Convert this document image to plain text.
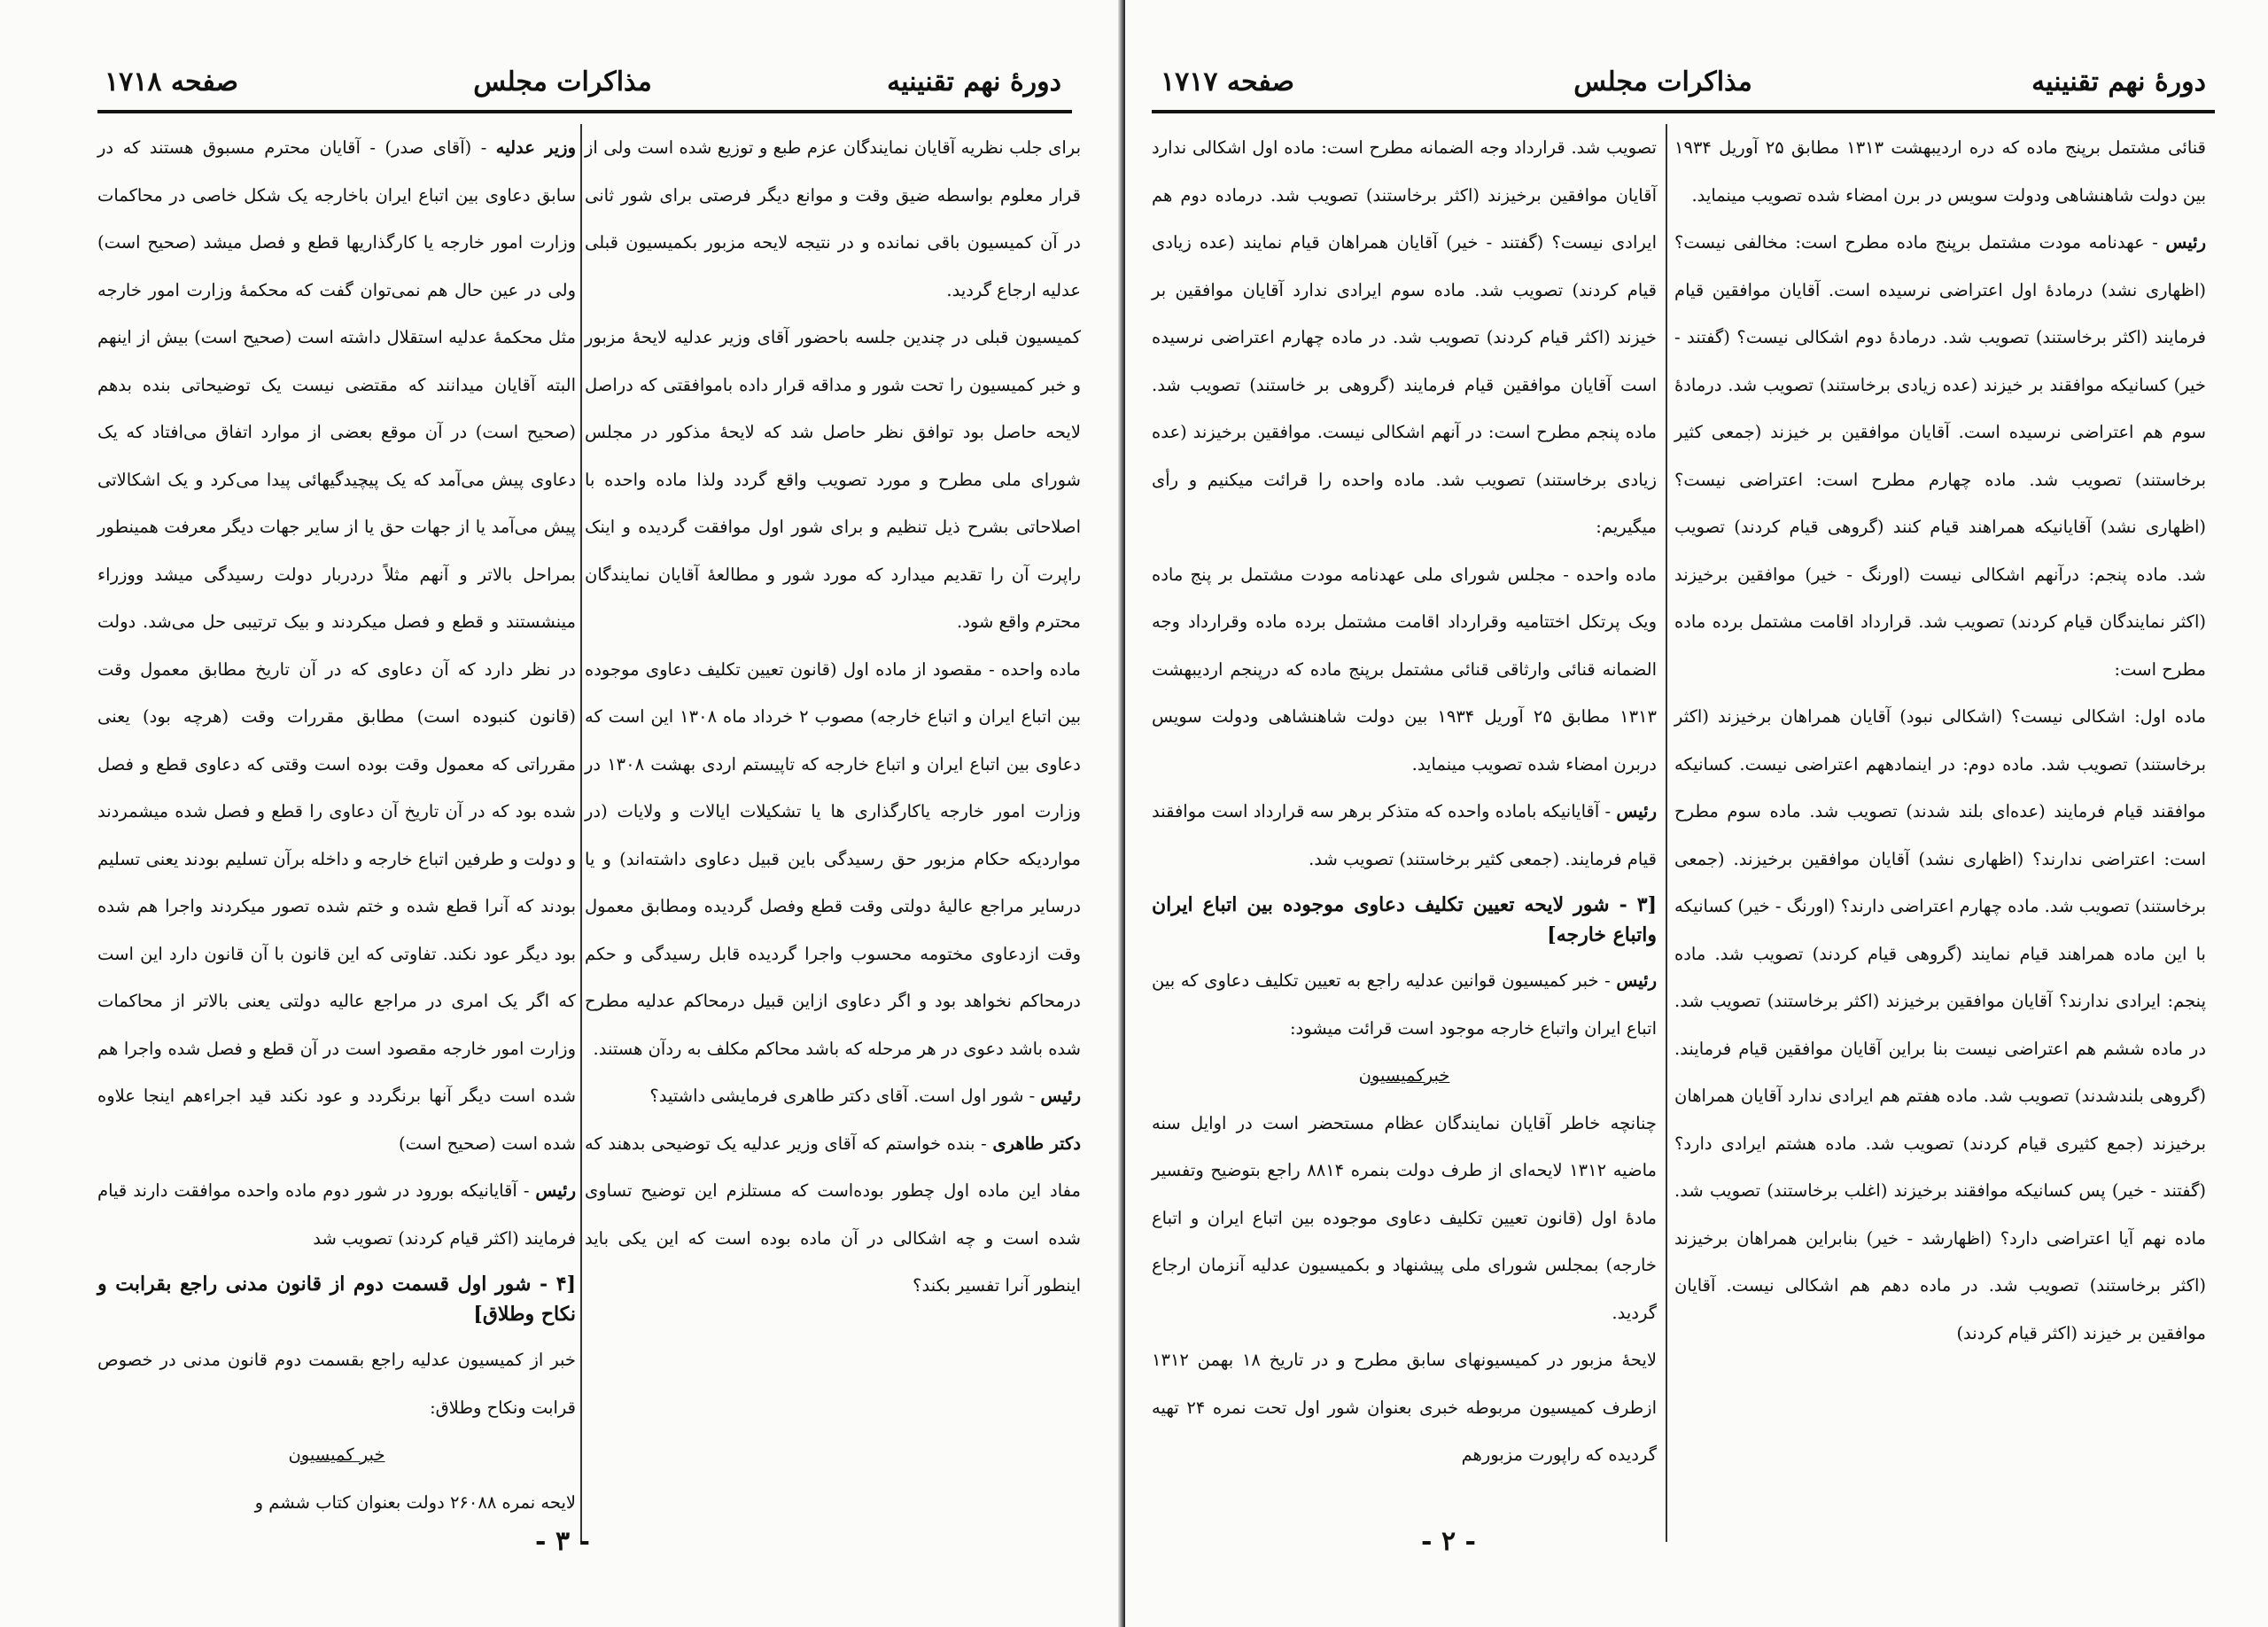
دورهٔ نهم تقنینیه
مذاکرات مجلس
صفحه ۱۷۱۸

برای جلب نظریه آقایان نمایندگان عزم طبع و توزیع شده است ولی از قرار معلوم بواسطه ضیق وقت و موانع دیگر فرصتی برای شور ثانی در آن کمیسیون باقی نمانده و در نتیجه لایحه مزبور بکمیسیون قبلی عدلیه ارجاع گردید.

کمیسیون قبلی در چندین جلسه باحضور آقای وزیر عدلیه لایحهٔ مزبور و خبر کمیسیون را تحت شور و مداقه قرار داده باموافقتی که دراصل لایحه حاصل بود توافق نظر حاصل شد که لایحهٔ مذکور در مجلس شورای ملی مطرح و مورد تصویب واقع گردد ولذا ماده واحده با اصلاحاتی بشرح ذیل تنظیم و برای شور اول موافقت گردیده و اینک راپرت آن را تقدیم میدارد که مورد شور و مطالعهٔ آقایان نمایندگان محترم واقع شود.

ماده واحده - مقصود از ماده اول (قانون تعیین تکلیف دعاوی موجوده بین اتباع ایران و اتباع خارجه) مصوب ۲ خرداد ماه ۱۳۰۸ این است که دعاوی بین اتباع ایران و اتباع خارجه که تاپیستم اردی بهشت ۱۳۰۸ در وزارت امور خارجه یاکارگذاری ها یا تشکیلات ایالات و ولایات (در مواردیکه حکام مزبور حق رسیدگی باین قبیل دعاوی داشته‌اند) و یا درسایر مراجع عالیهٔ دولتی وقت قطع وفصل گردیده ومطابق معمول وقت ازدعاوی مختومه محسوب واجرا گردیده قابل رسیدگی و حکم درمحاکم نخواهد بود و اگر دعاوی ازاین قبیل درمحاکم عدلیه مطرح شده باشد دعوی در هر مرحله که باشد محاکم مکلف به ردآن هستند.

رئیس - شور اول است. آقای دکتر طاهری فرمایشی داشتید؟

دکتر طاهری - بنده خواستم که آقای وزیر عدلیه یک توضیحی بدهند که مفاد این ماده اول چطور بوده‌است که مستلزم این توضیح تساوی شده است و چه اشکالی در آن ماده بوده است که این یکی باید اینطور آنرا تفسیر بکند؟

وزیر عدلیه - (آقای صدر) - آقایان محترم مسبوق هستند که در سابق دعاوی بین اتباع ایران باخارجه یک شکل خاصی در محاکمات وزارت امور خارجه یا کارگذاریها قطع و فصل میشد (صحیح است) ولی در عین حال هم نمی‌توان گفت که محکمهٔ وزارت امور خارجه مثل محکمهٔ عدلیه استقلال داشته است (صحیح است) بیش از اینهم البته آقایان میدانند که مقتضی نیست یک توضیحاتی بنده بدهم (صحیح است) در آن موقع بعضی از موارد اتفاق می‌افتاد که یک دعاوی پیش می‌آمد که یک پیچیدگیهائی پیدا می‌کرد و یک اشکالاتی پیش می‌آمد یا از جهات حق یا از سایر جهات دیگر معرفت همینطور بمراحل بالاتر و آنهم مثلاً دردربار دولت رسیدگی میشد ووزراء مینشستند و قطع و فصل میکردند و بیک ترتیبی حل می‌شد. دولت در نظر دارد که آن دعاوی که در آن تاریخ مطابق معمول وقت (قانون کنبوده است) مطابق مقررات وقت (هرچه بود) یعنی مقرراتی که معمول وقت بوده است وقتی که دعاوی قطع و فصل شده بود که در آن تاریخ آن دعاوی را قطع و فصل شده میشمردند و دولت و طرفین اتباع خارجه و داخله برآن تسلیم بودند یعنی تسلیم بودند که آنرا قطع شده و ختم شده تصور میکردند واجرا هم شده بود دیگر عود نکند. تفاوتی که این قانون با آن قانون دارد این است که اگر یک امری در مراجع عالیه دولتی یعنی بالاتر از محاکمات وزارت امور خارجه مقصود است در آن قطع و فصل شده واجرا هم شده است دیگر آنها برنگردد و عود نکند قید اجراءهم اینجا علاوه شده است (صحیح است)

رئیس - آقایانیکه بورود در شور دوم ماده واحده موافقت دارند قیام فرمایند (اکثر قیام کردند) تصویب شد

[۴ - شور اول قسمت دوم از قانون مدنی راجع بقرابت و نکاح وطلاق]

خبر از کمیسیون عدلیه راجع بقسمت دوم قانون مدنی در خصوص قرابت ونکاح وطلاق:

خبر کمیسیون

لایحه نمره ۲۶۰۸۸ دولت بعنوان کتاب ششم و

- ۳ -
دورهٔ نهم تقنینیه
مذاکرات مجلس
صفحه ۱۷۱۷

قنائی مشتمل برپنج ماده که دره اردیبهشت ۱۳۱۳ مطابق ۲۵ آوریل ۱۹۳۴ بین دولت شاهنشاهی ودولت سویس در برن امضاء شده تصویب مینماید.

رئیس - عهدنامه مودت مشتمل برپنج ماده مطرح است: مخالفی نیست؟ (اظهاری نشد) درمادهٔ اول اعتراضی نرسیده است. آقایان موافقین قیام فرمایند (اکثر برخاستند) تصویب شد. درمادهٔ دوم اشکالی نیست؟ (گفتند - خیر) کسانیکه موافقند بر خیزند (عده زیادی برخاستند) تصویب شد. درمادهٔ سوم هم اعتراضی نرسیده است. آقایان موافقین بر خیزند (جمعی کثیر برخاستند) تصویب شد. ماده چهارم مطرح است: اعتراضی نیست؟ (اظهاری نشد) آقایانیکه همراهند قیام کنند (گروهی قیام کردند) تصویب شد. ماده پنجم: درآنهم اشکالی نیست (اورنگ - خیر) موافقین برخیزند (اکثر نمایندگان قیام کردند) تصویب شد. قرارداد اقامت مشتمل برده ماده مطرح است:

ماده اول: اشکالی نیست؟ (اشکالی نبود) آقایان همراهان برخیزند (اکثر برخاستند) تصویب شد. ماده دوم: در اینمادههم اعتراضی نیست. کسانیکه موافقند قیام فرمایند (عده‌ای بلند شدند) تصویب شد. ماده سوم مطرح است: اعتراضی ندارند؟ (اظهاری نشد) آقایان موافقین برخیزند. (جمعی برخاستند) تصویب شد. ماده چهارم اعتراضی دارند؟ (اورنگ - خیر) کسانیکه با این ماده همراهند قیام نمایند (گروهی قیام کردند) تصویب شد. ماده پنجم: ایرادی ندارند؟ آقایان موافقین برخیزند (اکثر برخاستند) تصویب شد. در ماده ششم هم اعتراضی نیست بنا براین آقایان موافقین قیام فرمایند. (گروهی بلندشدند) تصویب شد. ماده هفتم هم ایرادی ندارد آقایان همراهان برخیزند (جمع کثیری قیام کردند) تصویب شد. ماده هشتم ایرادی دارد؟ (گفتند - خیر) پس کسانیکه موافقند برخیزند (اغلب برخاستند) تصویب شد. ماده نهم آیا اعتراضی دارد؟ (اظهارشد - خیر) بنابراین همراهان برخیزند (اکثر برخاستند) تصویب شد. در ماده دهم هم اشکالی نیست. آقایان موافقین بر خیزند (اکثر قیام کردند)

تصویب شد. قرارداد وجه الضمانه مطرح است: ماده اول اشکالی ندارد آقایان موافقین برخیزند (اکثر برخاستند) تصویب شد. درماده دوم هم ایرادی نیست؟ (گفتند - خیر) آقایان همراهان قیام نمایند (عده زیادی قیام کردند) تصویب شد. ماده سوم ایرادی ندارد آقایان موافقین بر خیزند (اکثر قیام کردند) تصویب شد. در ماده چهارم اعتراضی نرسیده است آقایان موافقین قیام فرمایند (گروهی بر خاستند) تصویب شد. ماده پنجم مطرح است: در آنهم اشکالی نیست. موافقین برخیزند (عده زیادی برخاستند) تصویب شد. ماده واحده را قرائت میکنیم و رأی میگیریم:

ماده واحده - مجلس شورای ملی عهدنامه مودت مشتمل بر پنج ماده ویک پرتکل اختتامیه وقرارداد اقامت مشتمل برده ماده وقرارداد وجه الضمانه قنائی وارثاقی قنائی مشتمل برپنج ماده که درپنجم اردیبهشت ۱۳۱۳ مطابق ۲۵ آوریل ۱۹۳۴ بین دولت شاهنشاهی ودولت سویس دربرن امضاء شده تصویب مینماید.

رئیس - آقایانیکه باماده واحده که متذکر برهر سه قرارداد است موافقند قیام فرمایند. (جمعی کثیر برخاستند) تصویب شد.

[۳ - شور لایحه تعیین تکلیف دعاوی موجوده بین اتباع ایران واتباع خارجه]

رئیس - خبر کمیسیون قوانین عدلیه راجع به تعیین تکلیف دعاوی که بین اتباع ایران واتباع خارجه موجود است قرائت میشود:

خبرکمیسیون

چنانچه خاطر آقایان نمایندگان عظام مستحضر است در اوایل سنه ماضیه ۱۳۱۲ لایحه‌ای از طرف دولت بنمره ۸۸۱۴ راجع بتوضیح وتفسیر مادهٔ اول (قانون تعیین تکلیف دعاوی موجوده بین اتباع ایران و اتباع خارجه) بمجلس شورای ملی پیشنهاد و بکمیسیون عدلیه آنزمان ارجاع گردید.

لایحهٔ مزبور در کمیسیونهای سابق مطرح و در تاریخ ۱۸ بهمن ۱۳۱۲ ازطرف کمیسیون مربوطه خبری بعنوان شور اول تحت نمره ۲۴ تهیه گردیده که راپورت مزبورهم

- ۲ -
